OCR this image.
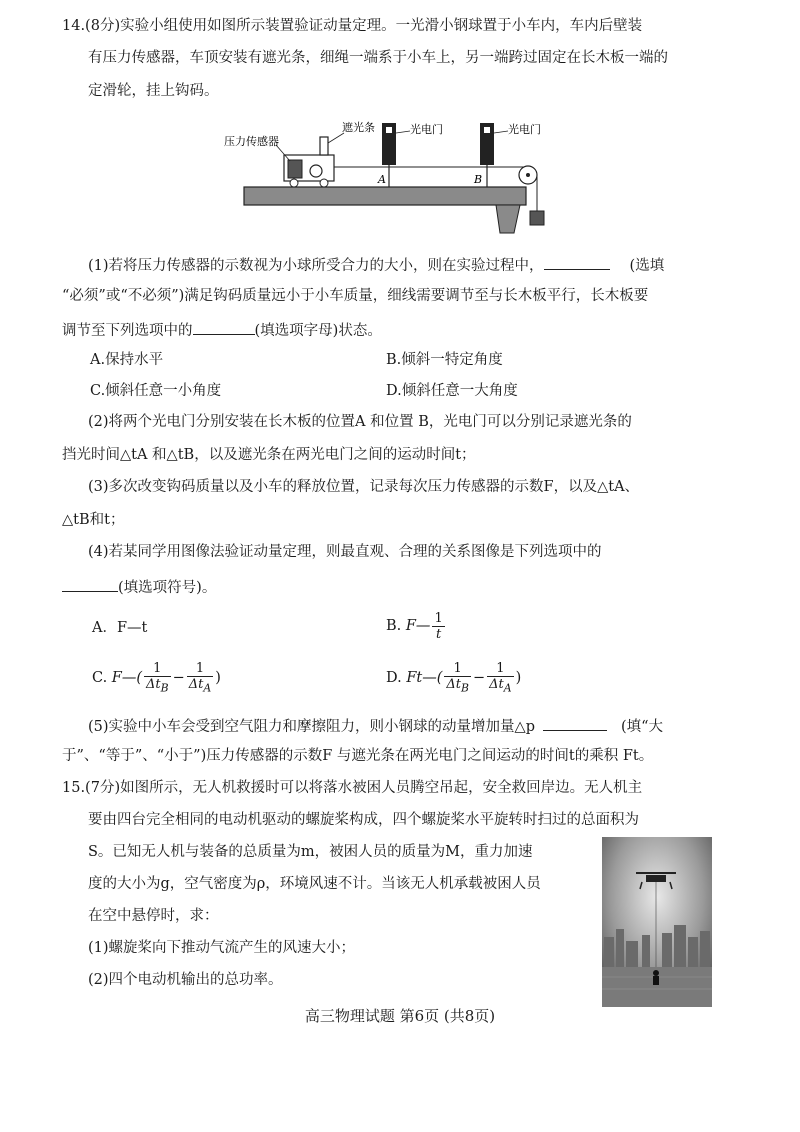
14.(8分)实验小组使用如图所示装置验证动量定理。一光滑小钢球置于小车内，车内后壁装
有压力传感器，车顶安装有遮光条，细绳一端系于小车上，另一端跨过固定在长木板一端的
定滑轮，挂上钩码。
压力传感器
遮光条	光电门	光电门
A	B
(1)若将压力传感器的示数视为小球所受合力的大小，则在实验过程中，	(选填
“必须”或“不必须”)满足钩码质量远小于小车质量，细线需要调节至与长木板平行，长木板要
调节至下列选项中的	(填选项字母)状态。
A.保持水平	B.倾斜一特定角度
C.倾斜任意一小角度	D.倾斜任意一大角度
(2)将两个光电门分别安装在长木板的位置A 和位置 B，光电门可以分别记录遮光条的
挡光时间△tA 和△tB，以及遮光条在两光电门之间的运动时间t；
(3)多次改变钩码质量以及小车的释放位置，记录每次压力传感器的示数F，以及△tA、
△tB和t；
(4)若某同学用图像法验证动量定理，则最直观、合理的关系图像是下列选项中的
(填选项符号)。
A．F—t	B. F— $\frac{1}{t}$
C. F—( $\frac{1}{\Delta t_B} - \frac{1}{\Delta t_A}$ )	D. Ft—( $\frac{1}{\Delta t_B} - \frac{1}{\Delta t_A}$ )
(5)实验中小车会受到空气阻力和摩擦阻力，则小钢球的动量增加量△p	(填“大
于”、“等于”、“小于”)压力传感器的示数F 与遮光条在两光电门之间运动的时间t的乘积 Ft。
15.(7分)如图所示，无人机救援时可以将落水被困人员腾空吊起，安全救回岸边。无人机主
要由四台完全相同的电动机驱动的螺旋桨构成，四个螺旋桨水平旋转时扫过的总面积为
S。已知无人机与装备的总质量为m，被困人员的质量为M，重力加速
度的大小为g，空气密度为ρ，环境风速不计。当该无人机承载被困人员
在空中悬停时，求：
(1)螺旋桨向下推动气流产生的风速大小；
(2)四个电动机输出的总功率。
高三物理试题 第6页 (共8页)
